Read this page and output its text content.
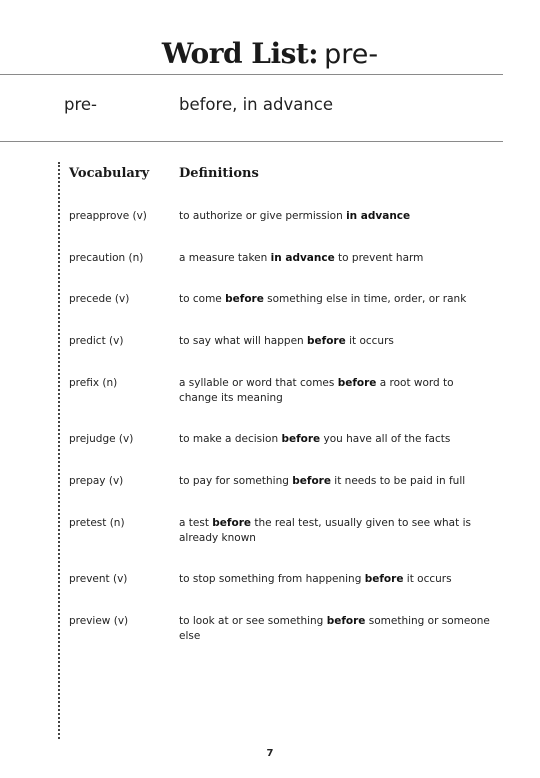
Word List: pre-
pre-	before, in advance
Vocabulary Definitions
preapprove (v)	to authorize or give permission in advance
precaution (n)	a measure taken in advance to prevent harm
precede (v)	to come before something else in time, order, or rank
predict (v)	to say what will happen before it occurs
prefix (n)	a syllable or word that comes before a root word to change its meaning
prejudge (v)	to make a decision before you have all of the facts
prepay (v)	to pay for something before it needs to be paid in full
pretest (n)	a test before the real test, usually given to see what is already known
prevent (v)	to stop something from happening before it occurs
preview (v)	to look at or see something before something or someone else
7
